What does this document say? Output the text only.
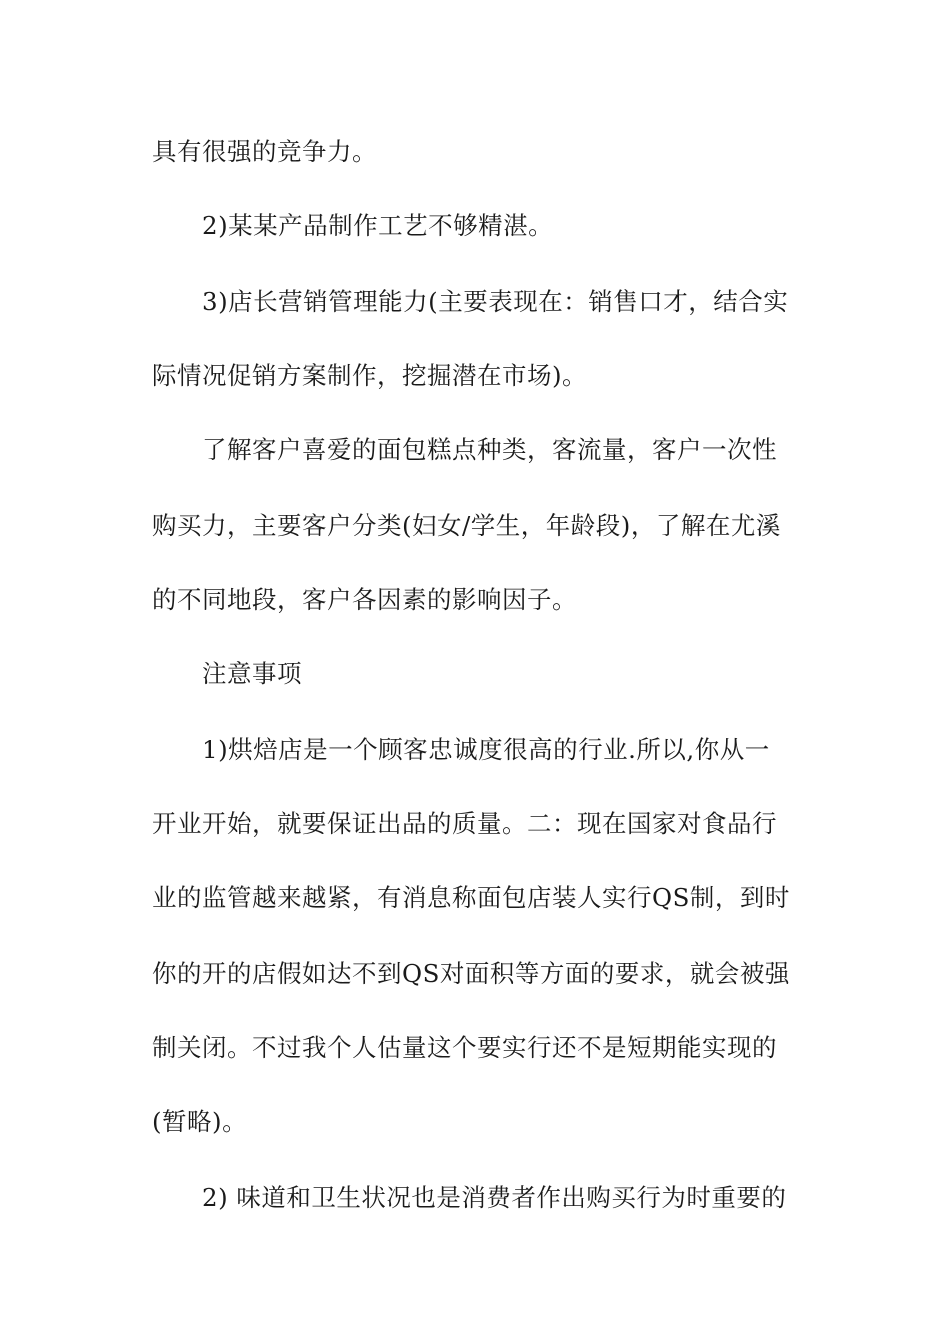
具有很强的竞争力。
2)某某产品制作工艺不够精湛。
3)店长营销管理能力(主要表现在：销售口才，结合实
际情况促销方案制作，挖掘潜在市场)。
了解客户喜爱的面包糕点种类，客流量，客户一次性
购买力，主要客户分类(妇女/学生，年龄段)，了解在尤溪
的不同地段，客户各因素的影响因子。
注意事项
1)烘焙店是一个顾客忠诚度很高的行业.所以,你从一
开业开始，就要保证出品的质量。二：现在国家对食品行
业的监管越来越紧，有消息称面包店装人实行QS制，到时
你的开的店假如达不到QS对面积等方面的要求，就会被强
制关闭。不过我个人估量这个要实行还不是短期能实现的
(暂略)。
2) 味道和卫生状况也是消费者作出购买行为时重要的
